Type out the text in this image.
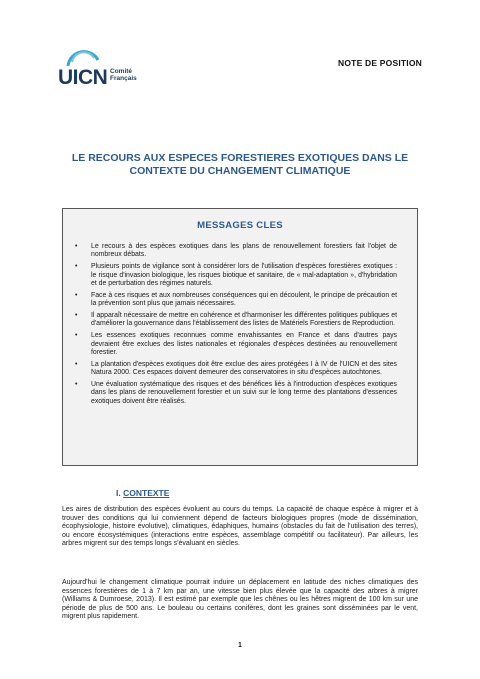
UICN Comité
Français
NOTE DE POSITION
LE RECOURS AUX ESPECES FORESTIERES EXOTIQUES DANS LE
CONTEXTE DU CHANGEMENT CLIMATIQUE
MESSAGES CLES
• Le recours à des espèces exotiques dans les plans de renouvellement forestiers fait l'objet de nombreux débats.
• Plusieurs points de vigilance sont à considérer lors de l'utilisation d'espèces forestières exotiques : le risque d'invasion biologique, les risques biotique et sanitaire, de « mal-adaptation », d'hybridation et de perturbation des régimes naturels.
• Face à ces risques et aux nombreuses conséquences qui en découlent, le principe de précaution et la prévention sont plus que jamais nécessaires.
• Il apparaît nécessaire de mettre en cohérence et d'harmoniser les différentes politiques publiques et d'améliorer la gouvernance dans l'établissement des listes de Matériels Forestiers de Reproduction.
• Les essences exotiques reconnues comme envahissantes en France et dans d'autres pays devraient être exclues des listes nationales et régionales d'espèces destinées au renouvellement forestier.
• La plantation d'espèces exotiques doit être exclue des aires protégées I à IV de l'UICN et des sites Natura 2000. Ces espaces doivent demeurer des conservatoires in situ d'espèces autochtones.
• Une évaluation systématique des risques et des bénéfices liés à l'introduction d'espèces exotiques dans les plans de renouvellement forestier et un suivi sur le long terme des plantations d'essences exotiques doivent être réalisés.
I. CONTEXTE

Les aires de distribution des espèces évoluent au cours du temps. La capacité de chaque espèce à migrer et à trouver des conditions qui lui conviennent dépend de facteurs biologiques propres (mode de dissémination, écophysiologie, histoire évolutive), climatiques, édaphiques, humains (obstacles du fait de l'utilisation des terres), ou encore écosystémiques (interactions entre espèces, assemblage compétitif ou facilitateur). Par ailleurs, les arbres migrent sur des temps longs s'évaluant en siècles.

Aujourd'hui le changement climatique pourrait induire un déplacement en latitude des niches climatiques des essences forestières de 1 à 7 km par an, une vitesse bien plus élevée que la capacité des arbres à migrer (Williams & Dumroese, 2013). Il est estimé par exemple que les chênes ou les hêtres migrent de 100 km sur une période de plus de 500 ans. Le bouleau ou certains conifères, dont les graines sont disséminées par le vent, migrent plus rapidement.

1
